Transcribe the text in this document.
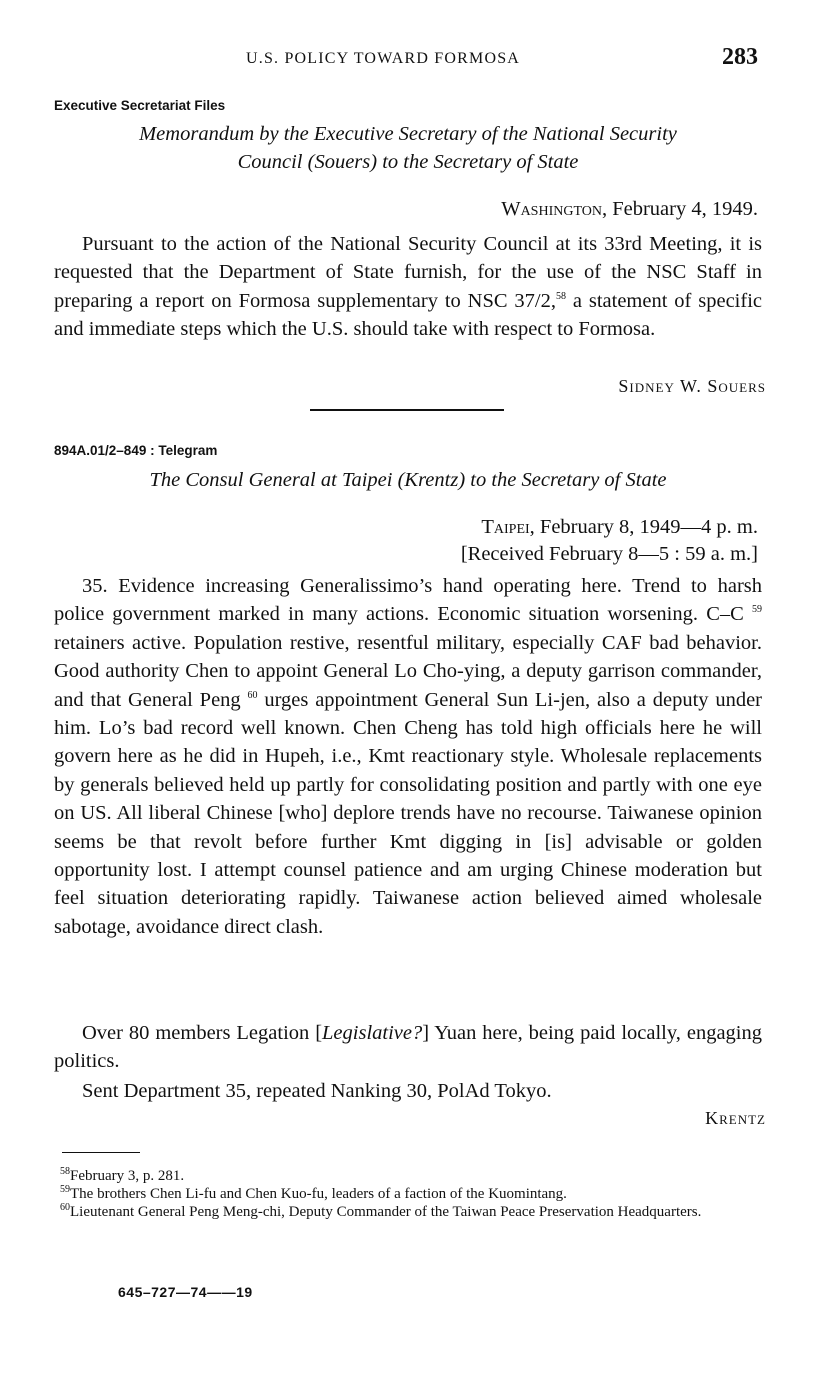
U.S. POLICY TOWARD FORMOSA	283
Executive Secretariat Files
Memorandum by the Executive Secretary of the National Security
Council (Souers) to the Secretary of State
Washington, February 4, 1949.
Pursuant to the action of the National Security Council at its 33rd Meeting, it is requested that the Department of State furnish, for the use of the NSC Staff in preparing a report on Formosa supplementary to NSC 37/2,58 a statement of specific and immediate steps which the U.S. should take with respect to Formosa.
Sidney W. Souers
894A.01/2–849 : Telegram
The Consul General at Taipei (Krentz) to the Secretary of State
Taipei, February 8, 1949—4 p. m.
[Received February 8—5 : 59 a. m.]
35. Evidence increasing Generalissimo’s hand operating here. Trend to harsh police government marked in many actions. Economic situation worsening. C–C $^{59}$ retainers active. Population restive, resentful military, especially CAF bad behavior. Good authority Chen to appoint General Lo Cho-ying, a deputy garrison commander, and that General Peng $^{60}$ urges appointment General Sun Li-jen, also a deputy under him. Lo’s bad record well known. Chen Cheng has told high officials here he will govern here as he did in Hupeh, i.e., Kmt reactionary style. Wholesale replacements by generals believed held up partly for consolidating position and partly with one eye on US. All liberal Chinese [who] deplore trends have no recourse. Taiwanese opinion seems be that revolt before further Kmt digging in [is] advisable or golden opportunity lost. I attempt counsel patience and am urging Chinese moderation but feel situation deteriorating rapidly. Taiwanese action believed aimed wholesale sabotage, avoidance direct clash.
Over 80 members Legation [Legislative?] Yuan here, being paid locally, engaging politics.
Sent Department 35, repeated Nanking 30, PolAd Tokyo.
Krentz

$^{58}$February 3, p. 281.

$^{59}$The brothers Chen Li-fu and Chen Kuo-fu, leaders of a faction of the Kuomintang.

$^{60}$Lieutenant General Peng Meng-chi, Deputy Commander of the Taiwan Peace Preservation Headquarters.

645–727—74——19
